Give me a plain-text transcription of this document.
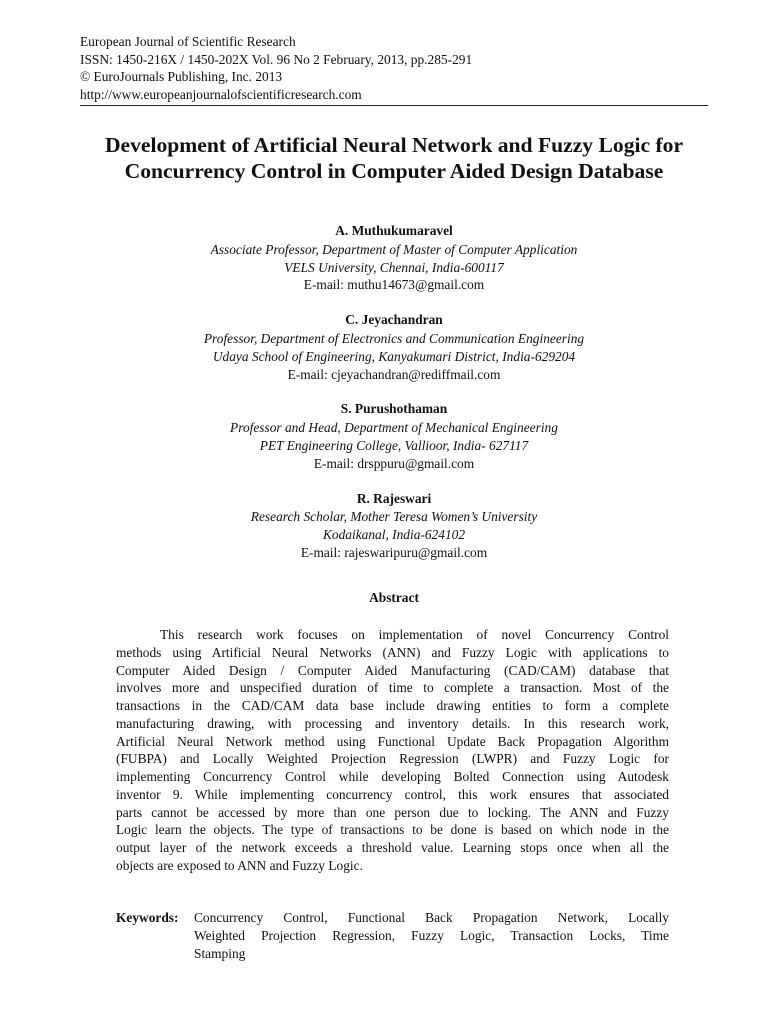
European Journal of Scientific Research
ISSN: 1450-216X / 1450-202X Vol. 96 No 2 February, 2013, pp.285-291
© EuroJournals Publishing, Inc. 2013
http://www.europeanjournalofscientificresearch.com
Development of Artificial Neural Network and Fuzzy Logic for
Concurrency Control in Computer Aided Design Database
A. Muthukumaravel
Associate Professor, Department of Master of Computer Application
VELS University, Chennai, India-600117
E-mail: muthu14673@gmail.com
C. Jeyachandran
Professor, Department of Electronics and Communication Engineering
Udaya School of Engineering, Kanyakumari District, India-629204
E-mail: cjeyachandran@rediffmail.com
S. Purushothaman
Professor and Head, Department of Mechanical Engineering
PET Engineering College, Vallioor, India- 627117
E-mail: drsppuru@gmail.com
R. Rajeswari
Research Scholar, Mother Teresa Women’s University
Kodaikanal, India-624102
E-mail: rajeswaripuru@gmail.com
Abstract
This research work focuses on implementation of novel Concurrency Control
methods using Artificial Neural Networks (ANN) and Fuzzy Logic with applications to
Computer Aided Design / Computer Aided Manufacturing (CAD/CAM) database that
involves more and unspecified duration of time to complete a transaction. Most of the
transactions in the CAD/CAM data base include drawing entities to form a complete
manufacturing drawing, with processing and inventory details. In this research work,
Artificial Neural Network method using Functional Update Back Propagation Algorithm
(FUBPA) and Locally Weighted Projection Regression (LWPR) and Fuzzy Logic for
implementing Concurrency Control while developing Bolted Connection using Autodesk
inventor 9. While implementing concurrency control, this work ensures that associated
parts cannot be accessed by more than one person due to locking. The ANN and Fuzzy
Logic learn the objects. The type of transactions to be done is based on which node in the
output layer of the network exceeds a threshold value. Learning stops once when all the
objects are exposed to ANN and Fuzzy Logic.
Keywords: Concurrency Control, Functional Back Propagation Network, Locally
Weighted Projection Regression, Fuzzy Logic, Transaction Locks, Time
Stamping
